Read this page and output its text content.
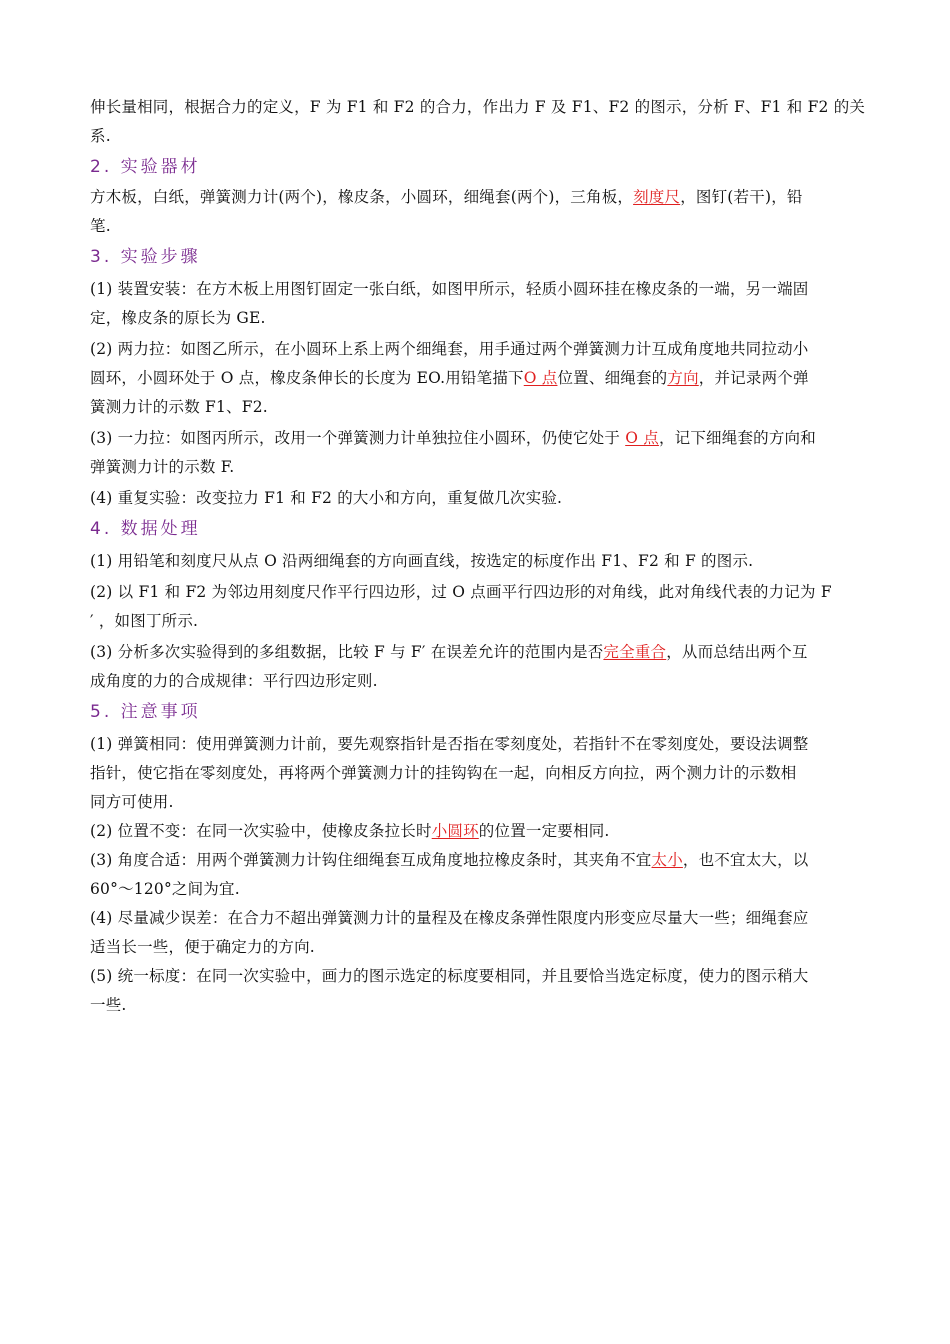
伸长量相同，根据合力的定义，F 为 F1 和 F2 的合力，作出力 F 及 F1、F2 的图示，分析 F、F1 和 F2 的关
系.
2. 实验器材
方木板，白纸，弹簧测力计(两个)，橡皮条，小圆环，细绳套(两个)，三角板，刻度尺，图钉(若干)，铅
笔.
3. 实验步骤
(1) 装置安装：在方木板上用图钉固定一张白纸，如图甲所示，轻质小圆环挂在橡皮条的一端，另一端固
定，橡皮条的原长为 GE.
(2) 两力拉：如图乙所示，在小圆环上系上两个细绳套，用手通过两个弹簧测力计互成角度地共同拉动小
圆环，小圆环处于 O 点，橡皮条伸长的长度为 EO.用铅笔描下O 点位置、细绳套的方向，并记录两个弹
簧测力计的示数 F1、F2.
(3) 一力拉：如图丙所示，改用一个弹簧测力计单独拉住小圆环，仍使它处于 O 点，记下细绳套的方向和
弹簧测力计的示数 F.
(4) 重复实验：改变拉力 F1 和 F2 的大小和方向，重复做几次实验.
4. 数据处理
(1) 用铅笔和刻度尺从点 O 沿两细绳套的方向画直线，按选定的标度作出 F1、F2 和 F 的图示.
(2) 以 F1 和 F2 为邻边用刻度尺作平行四边形，过 O 点画平行四边形的对角线，此对角线代表的力记为 F
′ ，如图丁所示.
(3) 分析多次实验得到的多组数据，比较 F 与 F′ 在误差允许的范围内是否完全重合，从而总结出两个互
成角度的力的合成规律：平行四边形定则.
5. 注意事项
(1) 弹簧相同：使用弹簧测力计前，要先观察指针是否指在零刻度处，若指针不在零刻度处，要设法调整
指针，使它指在零刻度处，再将两个弹簧测力计的挂钩钩在一起，向相反方向拉，两个测力计的示数相
同方可使用.
(2) 位置不变：在同一次实验中，使橡皮条拉长时小圆环的位置一定要相同.
(3) 角度合适：用两个弹簧测力计钩住细绳套互成角度地拉橡皮条时，其夹角不宜太小，也不宜太大，以
60°～120°之间为宜.
(4) 尽量减少误差：在合力不超出弹簧测力计的量程及在橡皮条弹性限度内形变应尽量大一些；细绳套应
适当长一些，便于确定力的方向.
(5) 统一标度：在同一次实验中，画力的图示选定的标度要相同，并且要恰当选定标度，使力的图示稍大
一些.
